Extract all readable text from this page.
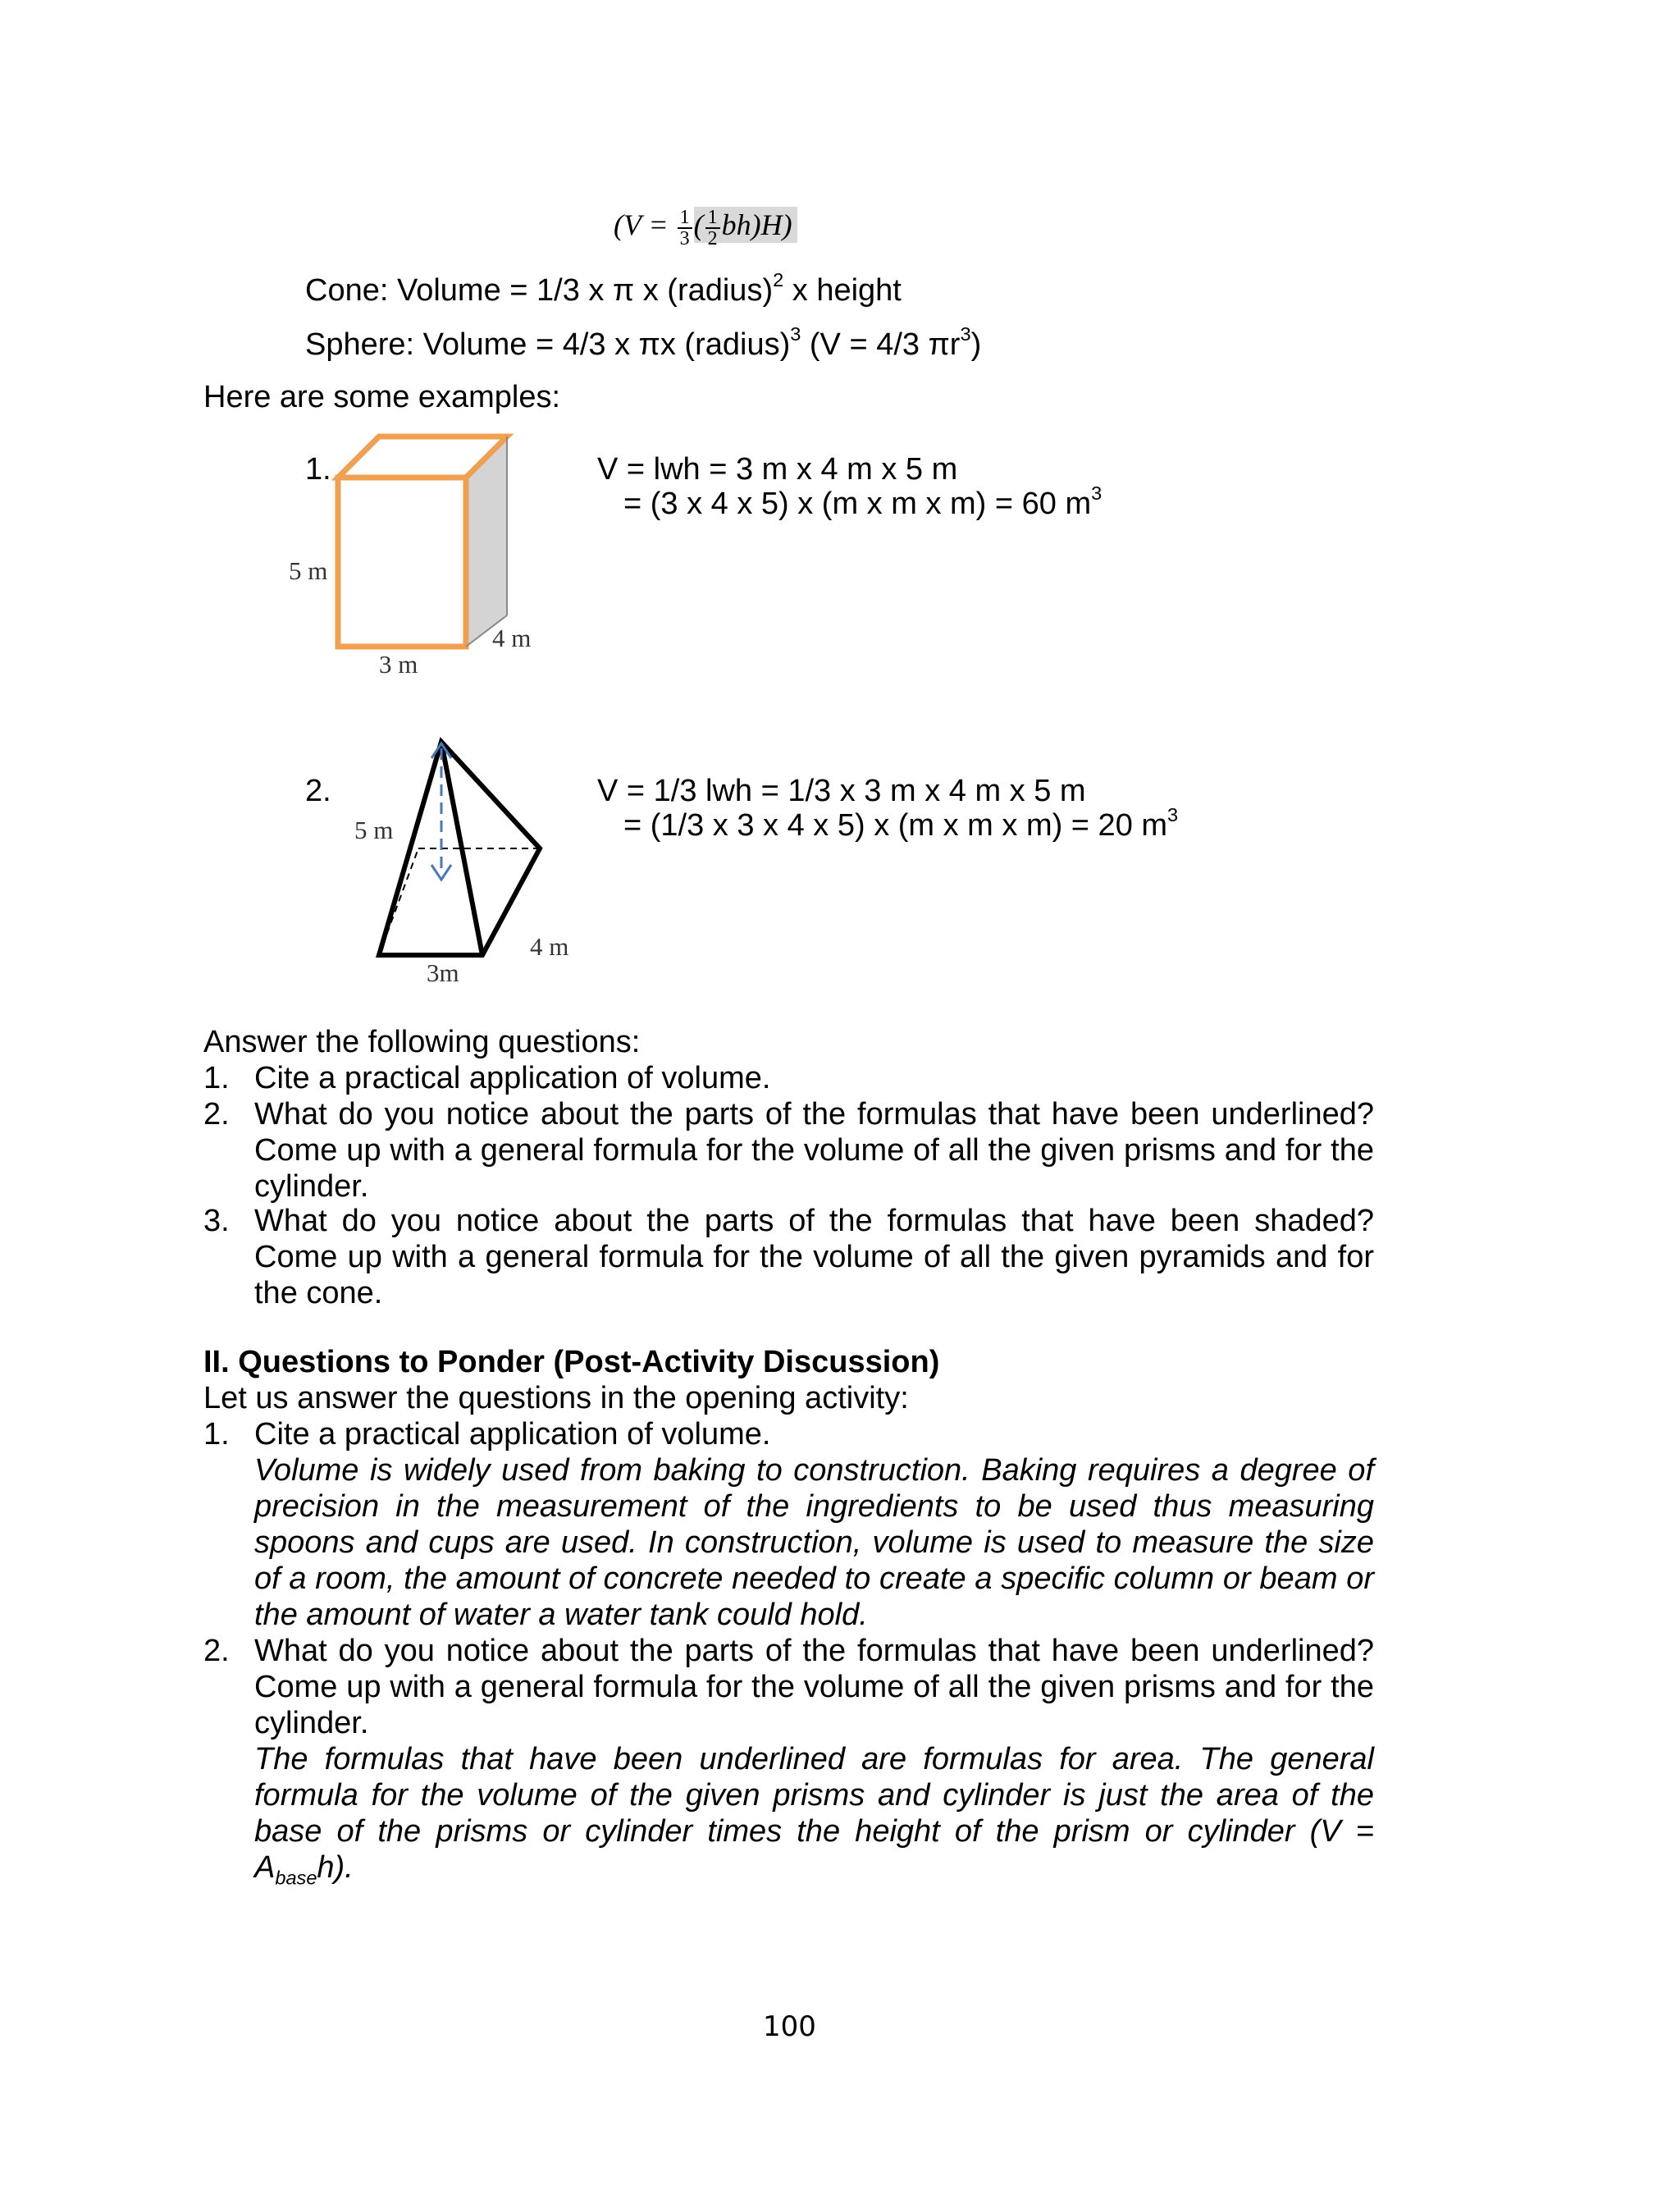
($V = \frac{1}{3}$ ( $\frac{1}{2} bh)H$)
Cone: Volume = 1/3 x π x (radius)$^2$ x height
Sphere: Volume = 4/3 x πx (radius)$^3$ (V = 4/3 $\pi r^3$)
Here are some examples:
1.
5 m
3 m
4 m
V = lwh = 3 m x 4 m x 5 m
= (3 x 4 x 5) x (m x m x m) = 60 $m^3$
2.
5 m
3m
4 m
V = 1/3 lwh = 1/3 x 3 m x 4 m x 5 m
= (1/3 x 3 x 4 x 5) x (m x m x m) = 20 $m^3$
Answer the following questions:
1. Cite a practical application of volume.
2. What do you notice about the parts of the formulas that have been underlined?
Come up with a general formula for the volume of all the given prisms and for the
cylinder.
3. What do you notice about the parts of the formulas that have been shaded?
Come up with a general formula for the volume of all the given pyramids and for
the cone.
II. Questions to Ponder (Post-Activity Discussion)
Let us answer the questions in the opening activity:
1. Cite a practical application of volume.
Volume is widely used from baking to construction. Baking requires a degree of
precision in the measurement of the ingredients to be used thus measuring
spoons and cups are used. In construction, volume is used to measure the size
of a room, the amount of concrete needed to create a specific column or beam or
the amount of water a water tank could hold.
2. What do you notice about the parts of the formulas that have been underlined?
Come up with a general formula for the volume of all the given prisms and for the
cylinder.
The formulas that have been underlined are formulas for area. The general
formula for the volume of the given prisms and cylinder is just the area of the
base of the prisms or cylinder times the height of the prism or cylinder (V =
$A_{base}h$).
100
